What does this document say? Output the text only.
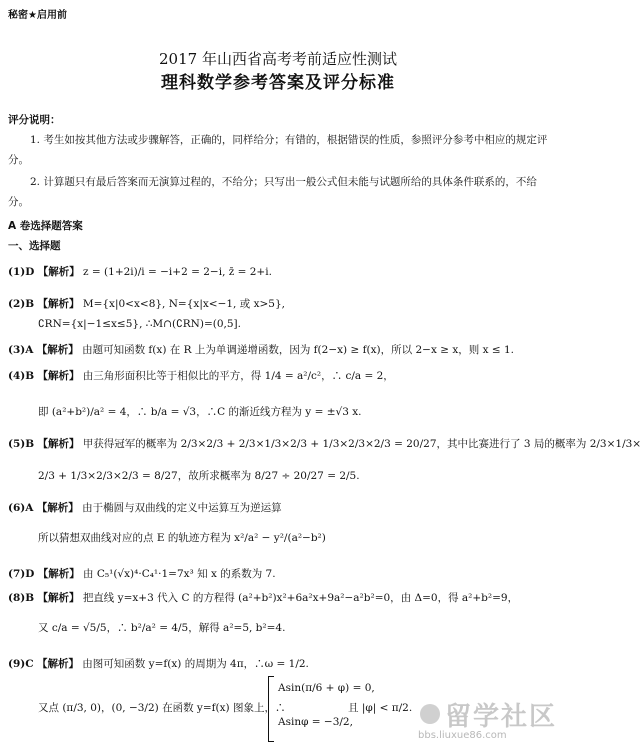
秘密★启用前
2017 年山西省高考考前适应性测试
理科数学参考答案及评分标准
评分说明：
1. 考生如按其他方法或步骤解答，正确的，同样给分；有错的，根据错误的性质，参照评分参考中相应的规定评分。
2. 计算题只有最后答案而无演算过程的，不给分；只写出一般公式但未能与试题所给的具体条件联系的，不给分。
A 卷选择题答案
一、选择题
(1)D 【解析】 z = (1+2i)/i = −i+2 = 2−i, z̄ = 2+i.
(2)B 【解析】 M={x|0<x<8}, N={x|x<−1, 或 x>5},
∁RN={x|−1≤x≤5}, ∴M∩(∁RN)=(0,5].
(3)A 【解析】 由题可知函数 f(x) 在 R 上为单调递增函数，因为 f(2−x) ≥ f(x)，所以 2−x ≥ x，则 x ≤ 1.
(4)B 【解析】 由三角形面积比等于相似比的平方，得 1/4 = a²/c²，∴ c/a = 2，
即 (a²+b²)/a² = 4，∴ b/a = √3，∴C 的渐近线方程为 y = ±√3 x.
(5)B 【解析】 甲获得冠军的概率为 2/3×2/3 + 2/3×1/3×2/3 + 1/3×2/3×2/3 = 20/27，其中比赛进行了 3 局的概率为 2/3×1/3×
2/3 + 1/3×2/3×2/3 = 8/27，故所求概率为 8/27 ÷ 20/27 = 2/5.
(6)A 【解析】 由于椭圆与双曲线的定义中运算互为逆运算
所以猜想双曲线对应的点 E 的轨迹方程为 x²/a² − y²/(a²−b²)
(7)D 【解析】 由 C₅¹(√x)⁴·C₄¹·1=7x³ 知 x 的系数为 7.
(8)B 【解析】 把直线 y=x+3 代入 C 的方程得 (a²+b²)x²+6a²x+9a²−a²b²=0，由 Δ=0，得 a²+b²=9，
又 c/a = √5/5，∴ b²/a² = 4/5，解得 a²=5, b²=4.
(9)C 【解析】 由图可知函数 y=f(x) 的周期为 4π，∴ω = 1/2.
又点 (π/3, 0)，(0, −3/2) 在函数 y=f(x) 图象上，∴
Asin(π/6 + φ) = 0,
Asinφ = −3/2,
且 |φ| < π/2. 留学社区
bbs.liuxue86.com
